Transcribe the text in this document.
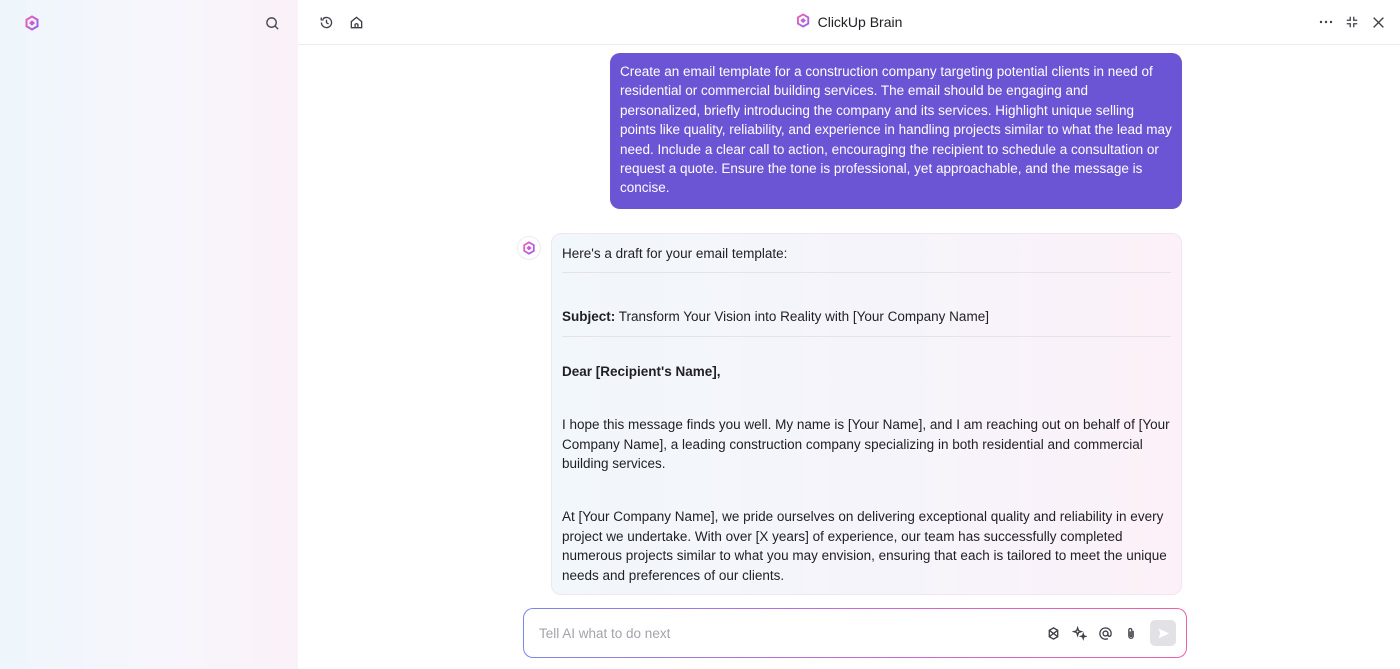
ClickUp Brain
Create an email template for a construction company targeting potential clients in need of residential or commercial building services. The email should be engaging and personalized, briefly introducing the company and its services. Highlight unique selling points like quality, reliability, and experience in handling projects similar to what the lead may need. Include a clear call to action, encouraging the recipient to schedule a consultation or request a quote. Ensure the tone is professional, yet approachable, and the message is concise.
Here's a draft for your email template:
Subject: Transform Your Vision into Reality with [Your Company Name]
Dear [Recipient's Name],
I hope this message finds you well. My name is [Your Name], and I am reaching out on behalf of [Your Company Name], a leading construction company specializing in both residential and commercial building services.
At [Your Company Name], we pride ourselves on delivering exceptional quality and reliability in every project we undertake. With over [X years] of experience, our team has successfully completed numerous projects similar to what you may envision, ensuring that each is tailored to meet the unique needs and preferences of our clients.
Tell AI what to do next
